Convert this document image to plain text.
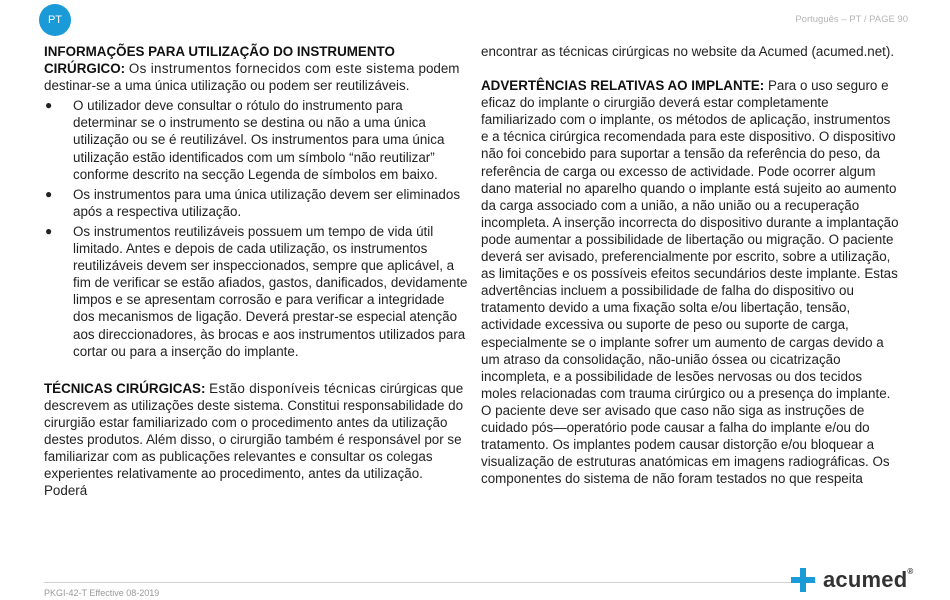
PT	Português – PT / PAGE 90

INFORMAÇÕES PARA UTILIZAÇÃO DO INSTRUMENTO CIRÚRGICO: Os instrumentos fornecidos com este sistema podem destinar-se a uma única utilização ou podem ser reutilizáveis.

● O utilizador deve consultar o rótulo do instrumento para determinar se o instrumento se destina ou não a uma única utilização ou se é reutilizável. Os instrumentos para uma única utilização estão identificados com um símbolo “não reutilizar” conforme descrito na secção Legenda de símbolos em baixo.
● Os instrumentos para uma única utilização devem ser eliminados após a respectiva utilização.
● Os instrumentos reutilizáveis possuem um tempo de vida útil limitado. Antes e depois de cada utilização, os instrumentos reutilizáveis devem ser inspeccionados, sempre que aplicável, a fim de verificar se estão afiados, gastos, danificados, devidamente limpos e se apresentam corrosão e para verificar a integridade dos mecanismos de ligação. Deverá prestar-se especial atenção aos direccionadores, às brocas e aos instrumentos utilizados para cortar ou para a inserção do implante.

TÉCNICAS CIRÚRGICAS: Estão disponíveis técnicas cirúrgicas que descrevem as utilizações deste sistema. Constitui responsabilidade do cirurgião estar familiarizado com o procedimento antes da utilização destes produtos. Além disso, o cirurgião também é responsável por se familiarizar com as publicações relevantes e consultar os colegas experientes relativamente ao procedimento, antes da utilização. Poderá

encontrar as técnicas cirúrgicas no website da Acumed (acumed.net).

ADVERTÊNCIAS RELATIVAS AO IMPLANTE: Para o uso seguro e eficaz do implante o cirurgião deverá estar completamente familiarizado com o implante, os métodos de aplicação, instrumentos e a técnica cirúrgica recomendada para este dispositivo. O dispositivo não foi concebido para suportar a tensão da referência do peso, da referência de carga ou excesso de actividade. Pode ocorrer algum dano material no aparelho quando o implante está sujeito ao aumento da carga associado com a união, a não união ou a recuperação incompleta. A inserção incorrecta do dispositivo durante a implantação pode aumentar a possibilidade de libertação ou migração. O paciente deverá ser avisado, preferencialmente por escrito, sobre a utilização, as limitações e os possíveis efeitos secundários deste implante. Estas advertências incluem a possibilidade de falha do dispositivo ou tratamento devido a uma fixação solta e/ou libertação, tensão, actividade excessiva ou suporte de peso ou suporte de carga, especialmente se o implante sofrer um aumento de cargas devido a um atraso da consolidação, não-união óssea ou cicatrização incompleta, e a possibilidade de lesões nervosas ou dos tecidos moles relacionadas com trauma cirúrgico ou a presença do implante. O paciente deve ser avisado que caso não siga as instruções de cuidado pós—operatório pode causar a falha do implante e/ou do tratamento. Os implantes podem causar distorção e/ou bloquear a visualização de estruturas anatómicas em imagens radiográficas. Os componentes do sistema de não foram testados no que respeita

PKGI-42-T Effective 08-2019
acumed®
